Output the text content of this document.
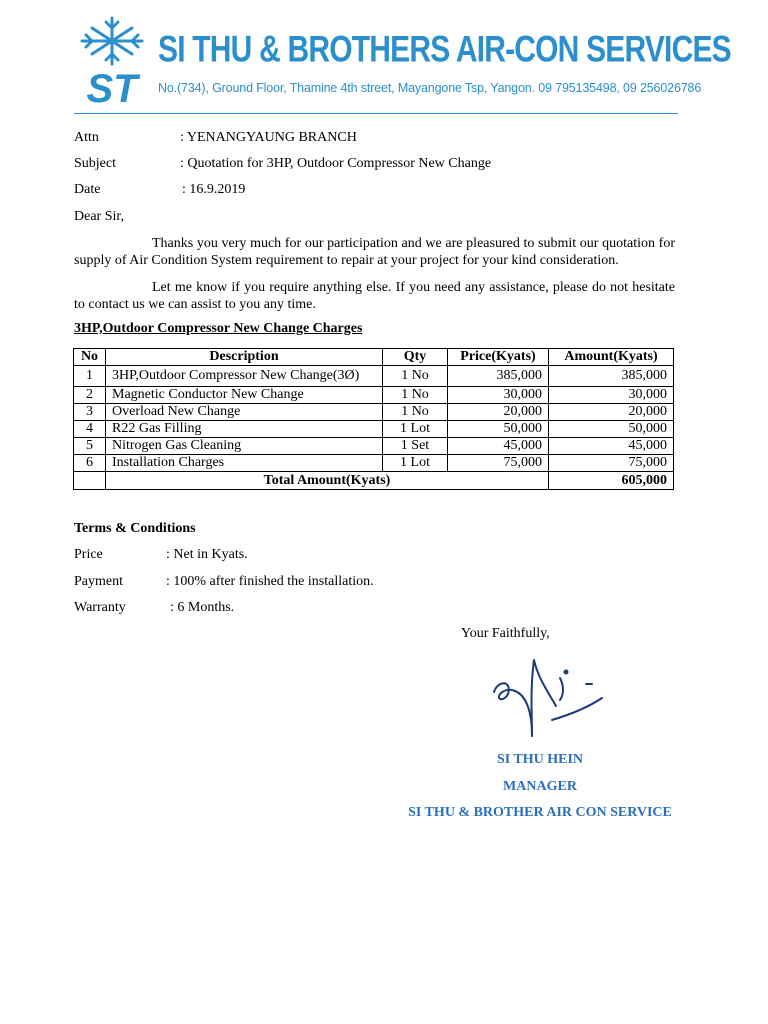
ST
SI THU & BROTHERS AIR-CON SERVICES
No.(734), Ground Floor, Thamine 4th street, Mayangone Tsp, Yangon. 09 795135498, 09 256026786
Attn	: YENANGYAUNG BRANCH
Subject	: Quotation for 3HP, Outdoor Compressor New Change
Date	: 16.9.2019
Dear Sir,
Thanks you very much for our participation and we are pleasured to submit our quotation for supply of Air Condition System requirement to repair at your project for your kind consideration.
Let me know if you require anything else. If you need any assistance, please do not hesitate to contact us we can assist to you any time.
3HP,Outdoor Compressor New Change Charges
No	Description	Qty	Price(Kyats)	Amount(Kyats)
1	3HP,Outdoor Compressor New Change(3Ø)	1 No	385,000	385,000
2	Magnetic Conductor New Change	1 No	30,000	30,000
3	Overload New Change	1 No	20,000	20,000
4	R22 Gas Filling	1 Lot	50,000	50,000
5	Nitrogen Gas Cleaning	1 Set	45,000	45,000
6	Installation Charges	1 Lot	75,000	75,000
	Total Amount(Kyats)			605,000
Terms & Conditions
Price	: Net in Kyats.
Payment	: 100% after finished the installation.
Warranty	: 6 Months.
Your Faithfully,
SI THU HEIN
MANAGER
SI THU & BROTHER AIR CON SERVICE
